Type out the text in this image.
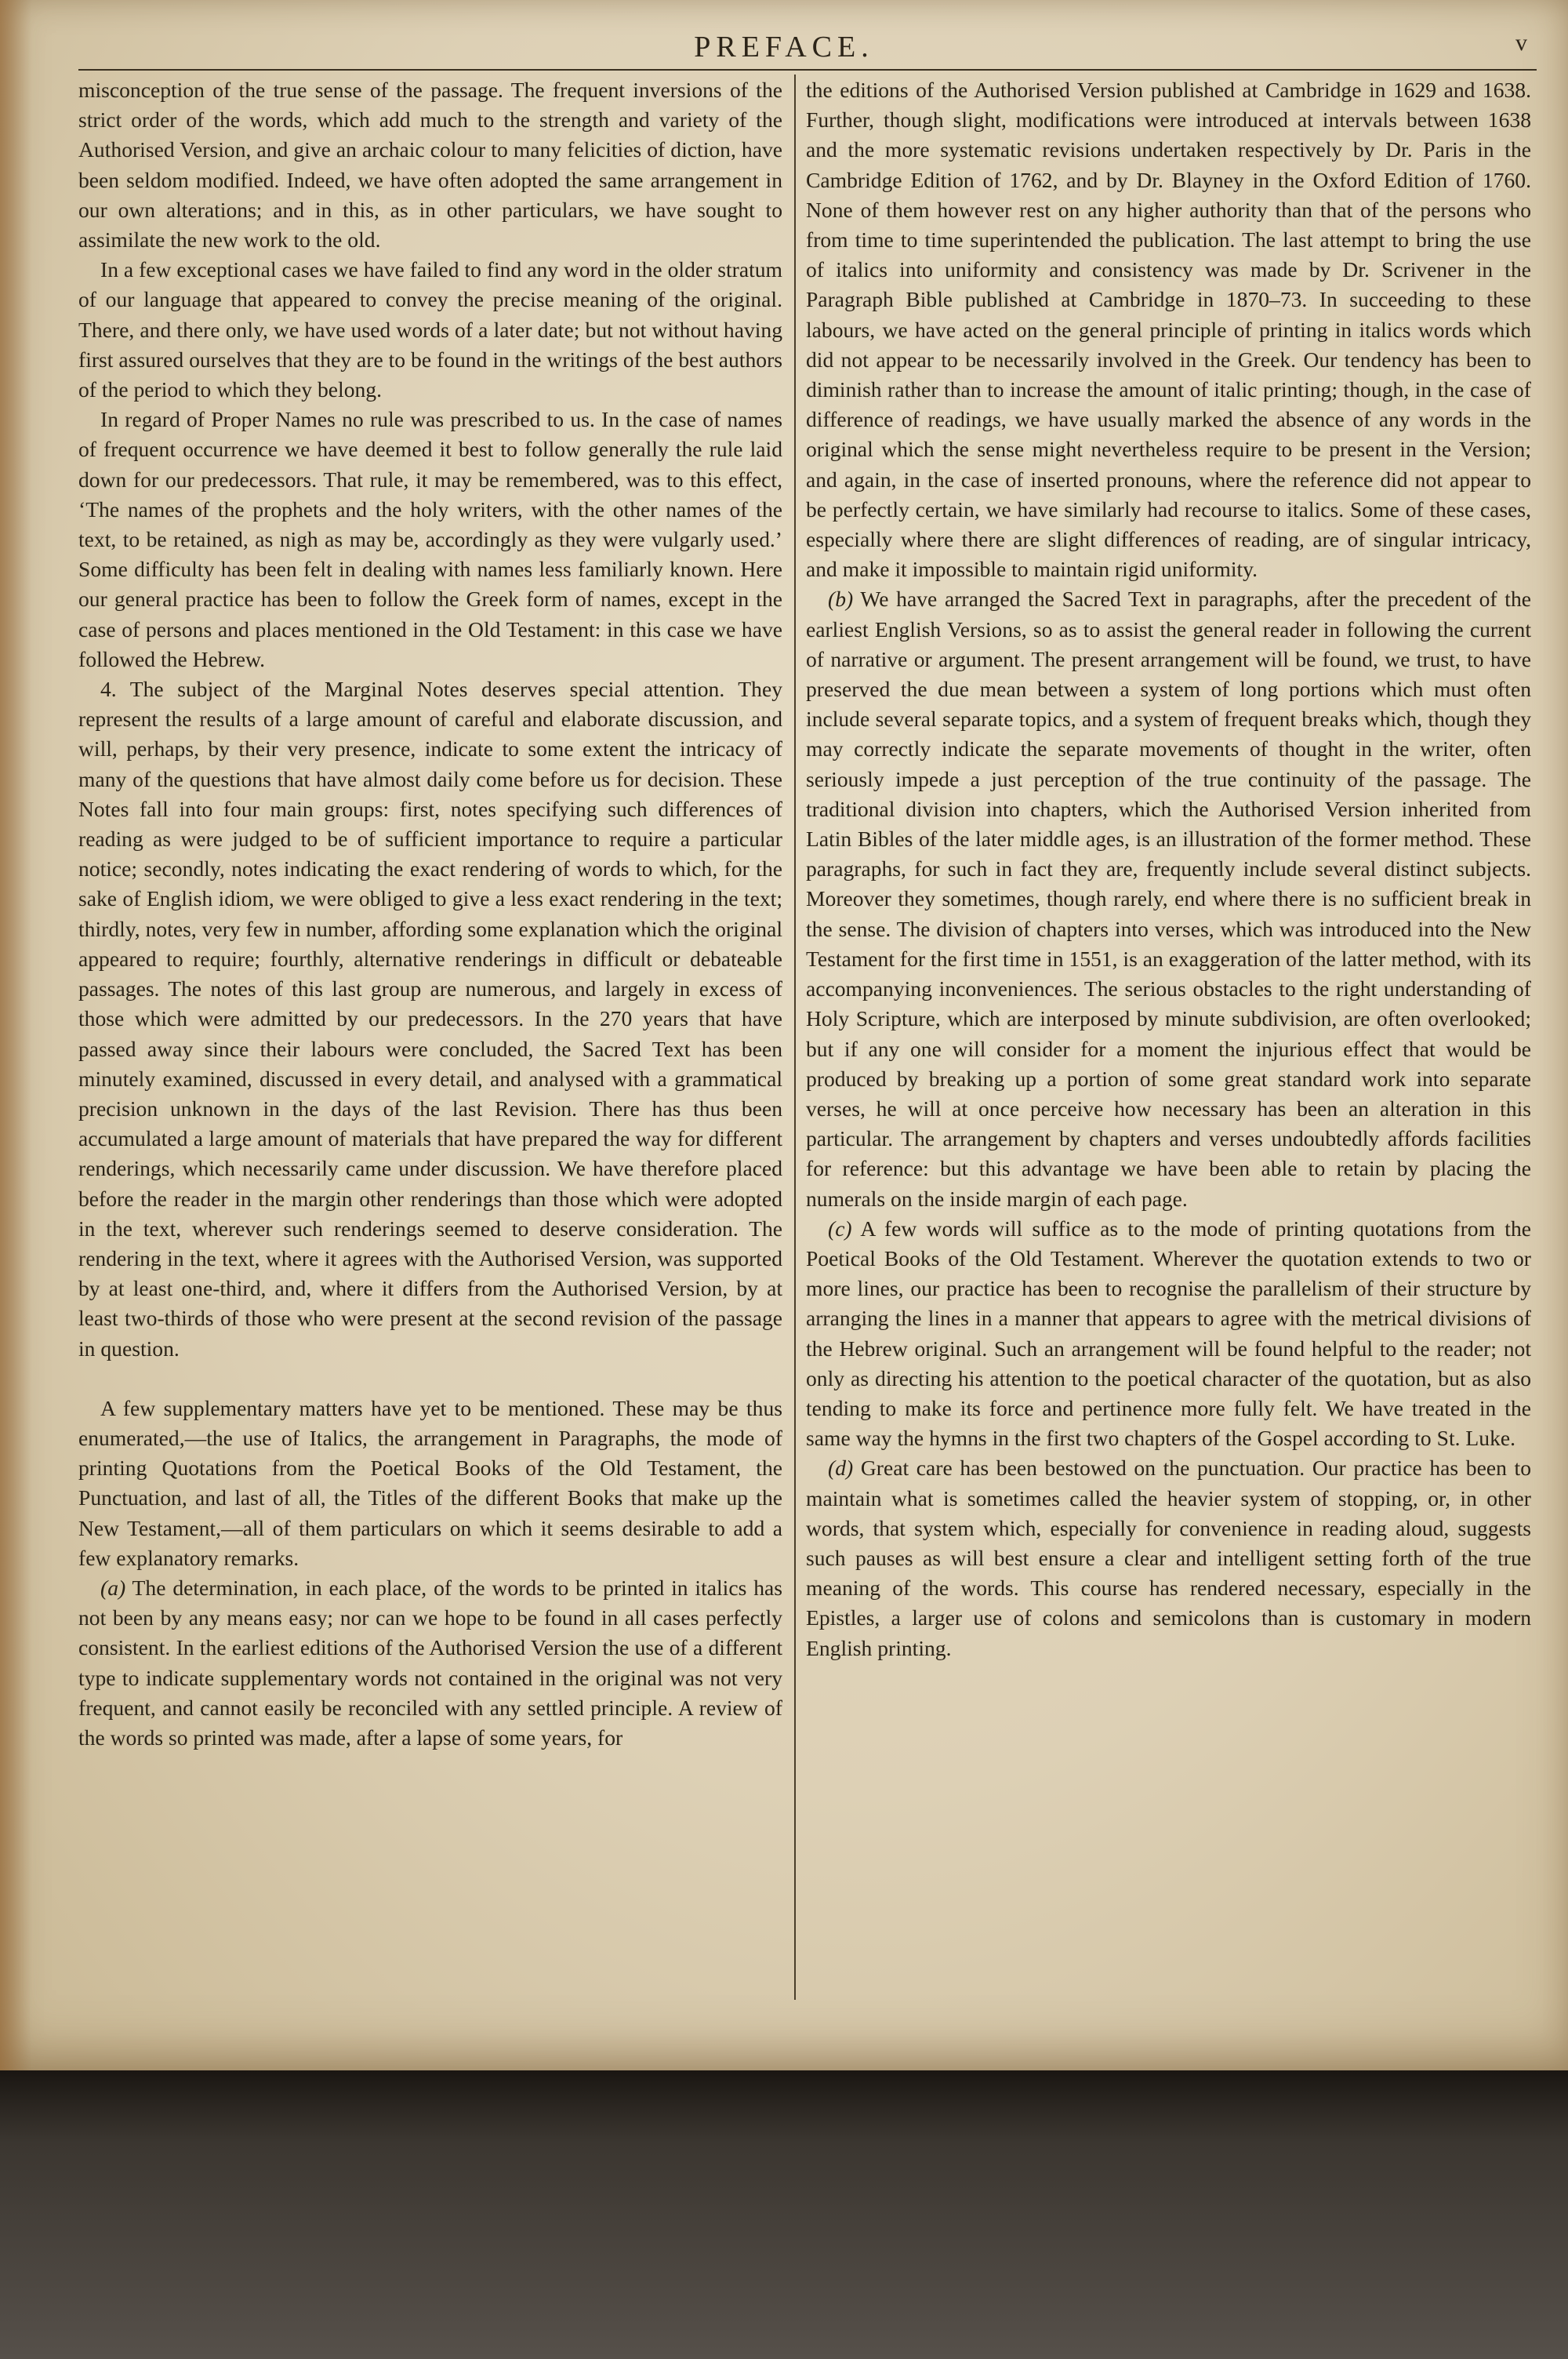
PREFACE.	v

misconception of the true sense of the passage. The frequent inversions of the strict order of the words, which add much to the strength and variety of the Authorised Version, and give an archaic colour to many felicities of diction, have been seldom modified. Indeed, we have often adopted the same arrangement in our own alterations; and in this, as in other particulars, we have sought to assimilate the new work to the old.

In a few exceptional cases we have failed to find any word in the older stratum of our language that appeared to convey the precise meaning of the original. There, and there only, we have used words of a later date; but not without having first assured ourselves that they are to be found in the writings of the best authors of the period to which they belong.

In regard of Proper Names no rule was prescribed to us. In the case of names of frequent occurrence we have deemed it best to follow generally the rule laid down for our predecessors. That rule, it may be remembered, was to this effect, ‘The names of the prophets and the holy writers, with the other names of the text, to be retained, as nigh as may be, accordingly as they were vulgarly used.’ Some difficulty has been felt in dealing with names less familiarly known. Here our general practice has been to follow the Greek form of names, except in the case of persons and places mentioned in the Old Testament: in this case we have followed the Hebrew.

4. The subject of the Marginal Notes deserves special attention. They represent the results of a large amount of careful and elaborate discussion, and will, perhaps, by their very presence, indicate to some extent the intricacy of many of the questions that have almost daily come before us for decision. These Notes fall into four main groups: first, notes specifying such differences of reading as were judged to be of sufficient importance to require a particular notice; secondly, notes indicating the exact rendering of words to which, for the sake of English idiom, we were obliged to give a less exact rendering in the text; thirdly, notes, very few in number, affording some explanation which the original appeared to require; fourthly, alternative renderings in difficult or debateable passages. The notes of this last group are numerous, and largely in excess of those which were admitted by our predecessors. In the 270 years that have passed away since their labours were concluded, the Sacred Text has been minutely examined, discussed in every detail, and analysed with a grammatical precision unknown in the days of the last Revision. There has thus been accumulated a large amount of materials that have prepared the way for different renderings, which necessarily came under discussion. We have therefore placed before the reader in the margin other renderings than those which were adopted in the text, wherever such renderings seemed to deserve consideration. The rendering in the text, where it agrees with the Authorised Version, was supported by at least one-third, and, where it differs from the Authorised Version, by at least two-thirds of those who were present at the second revision of the passage in question.

A few supplementary matters have yet to be mentioned. These may be thus enumerated,—the use of Italics, the arrangement in Paragraphs, the mode of printing Quotations from the Poetical Books of the Old Testament, the Punctuation, and last of all, the Titles of the different Books that make up the New Testament,—all of them particulars on which it seems desirable to add a few explanatory remarks.

(a) The determination, in each place, of the words to be printed in italics has not been by any means easy; nor can we hope to be found in all cases perfectly consistent. In the earliest editions of the Authorised Version the use of a different type to indicate supplementary words not contained in the original was not very frequent, and cannot easily be reconciled with any settled principle. A review of the words so printed was made, after a lapse of some years, for

the editions of the Authorised Version published at Cambridge in 1629 and 1638. Further, though slight, modifications were introduced at intervals between 1638 and the more systematic revisions undertaken respectively by Dr. Paris in the Cambridge Edition of 1762, and by Dr. Blayney in the Oxford Edition of 1760. None of them however rest on any higher authority than that of the persons who from time to time superintended the publication. The last attempt to bring the use of italics into uniformity and consistency was made by Dr. Scrivener in the Paragraph Bible published at Cambridge in 1870–73. In succeeding to these labours, we have acted on the general principle of printing in italics words which did not appear to be necessarily involved in the Greek. Our tendency has been to diminish rather than to increase the amount of italic printing; though, in the case of difference of readings, we have usually marked the absence of any words in the original which the sense might nevertheless require to be present in the Version; and again, in the case of inserted pronouns, where the reference did not appear to be perfectly certain, we have similarly had recourse to italics. Some of these cases, especially where there are slight differences of reading, are of singular intricacy, and make it impossible to maintain rigid uniformity.

(b) We have arranged the Sacred Text in paragraphs, after the precedent of the earliest English Versions, so as to assist the general reader in following the current of narrative or argument. The present arrangement will be found, we trust, to have preserved the due mean between a system of long portions which must often include several separate topics, and a system of frequent breaks which, though they may correctly indicate the separate movements of thought in the writer, often seriously impede a just perception of the true continuity of the passage. The traditional division into chapters, which the Authorised Version inherited from Latin Bibles of the later middle ages, is an illustration of the former method. These paragraphs, for such in fact they are, frequently include several distinct subjects. Moreover they sometimes, though rarely, end where there is no sufficient break in the sense. The division of chapters into verses, which was introduced into the New Testament for the first time in 1551, is an exaggeration of the latter method, with its accompanying inconveniences. The serious obstacles to the right understanding of Holy Scripture, which are interposed by minute subdivision, are often overlooked; but if any one will consider for a moment the injurious effect that would be produced by breaking up a portion of some great standard work into separate verses, he will at once perceive how necessary has been an alteration in this particular. The arrangement by chapters and verses undoubtedly affords facilities for reference: but this advantage we have been able to retain by placing the numerals on the inside margin of each page.

(c) A few words will suffice as to the mode of printing quotations from the Poetical Books of the Old Testament. Wherever the quotation extends to two or more lines, our practice has been to recognise the parallelism of their structure by arranging the lines in a manner that appears to agree with the metrical divisions of the Hebrew original. Such an arrangement will be found helpful to the reader; not only as directing his attention to the poetical character of the quotation, but as also tending to make its force and pertinence more fully felt. We have treated in the same way the hymns in the first two chapters of the Gospel according to St. Luke.

(d) Great care has been bestowed on the punctuation. Our practice has been to maintain what is sometimes called the heavier system of stopping, or, in other words, that system which, especially for convenience in reading aloud, suggests such pauses as will best ensure a clear and intelligent setting forth of the true meaning of the words. This course has rendered necessary, especially in the Epistles, a larger use of colons and semicolons than is customary in modern English printing.
